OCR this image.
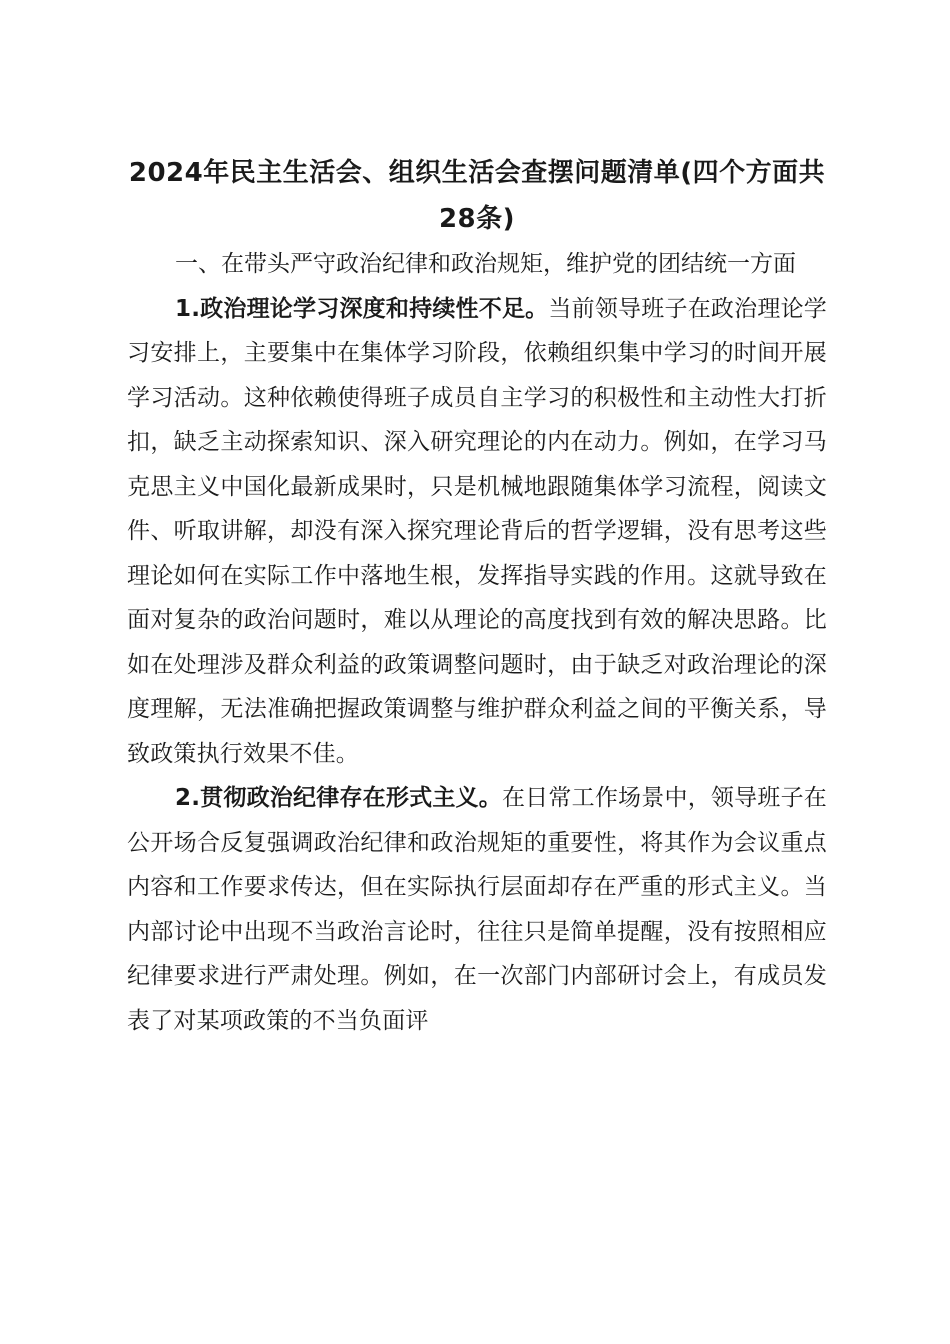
2024年民主生活会、组织生活会查摆问题清单(四个方面共28条)

一、在带头严守政治纪律和政治规矩，维护党的团结统一方面

1.政治理论学习深度和持续性不足。当前领导班子在政治理论学习安排上，主要集中在集体学习阶段，依赖组织集中学习的时间开展学习活动。这种依赖使得班子成员自主学习的积极性和主动性大打折扣，缺乏主动探索知识、深入研究理论的内在动力。例如，在学习马克思主义中国化最新成果时，只是机械地跟随集体学习流程，阅读文件、听取讲解，却没有深入探究理论背后的哲学逻辑，没有思考这些理论如何在实际工作中落地生根，发挥指导实践的作用。这就导致在面对复杂的政治问题时，难以从理论的高度找到有效的解决思路。比如在处理涉及群众利益的政策调整问题时，由于缺乏对政治理论的深度理解，无法准确把握政策调整与维护群众利益之间的平衡关系，导致政策执行效果不佳。

2.贯彻政治纪律存在形式主义。在日常工作场景中，领导班子在公开场合反复强调政治纪律和政治规矩的重要性，将其作为会议重点内容和工作要求传达，但在实际执行层面却存在严重的形式主义。当内部讨论中出现不当政治言论时，往往只是简单提醒，没有按照相应纪律要求进行严肃处理。例如，在一次部门内部研讨会上，有成员发表了对某项政策的不当负面评
